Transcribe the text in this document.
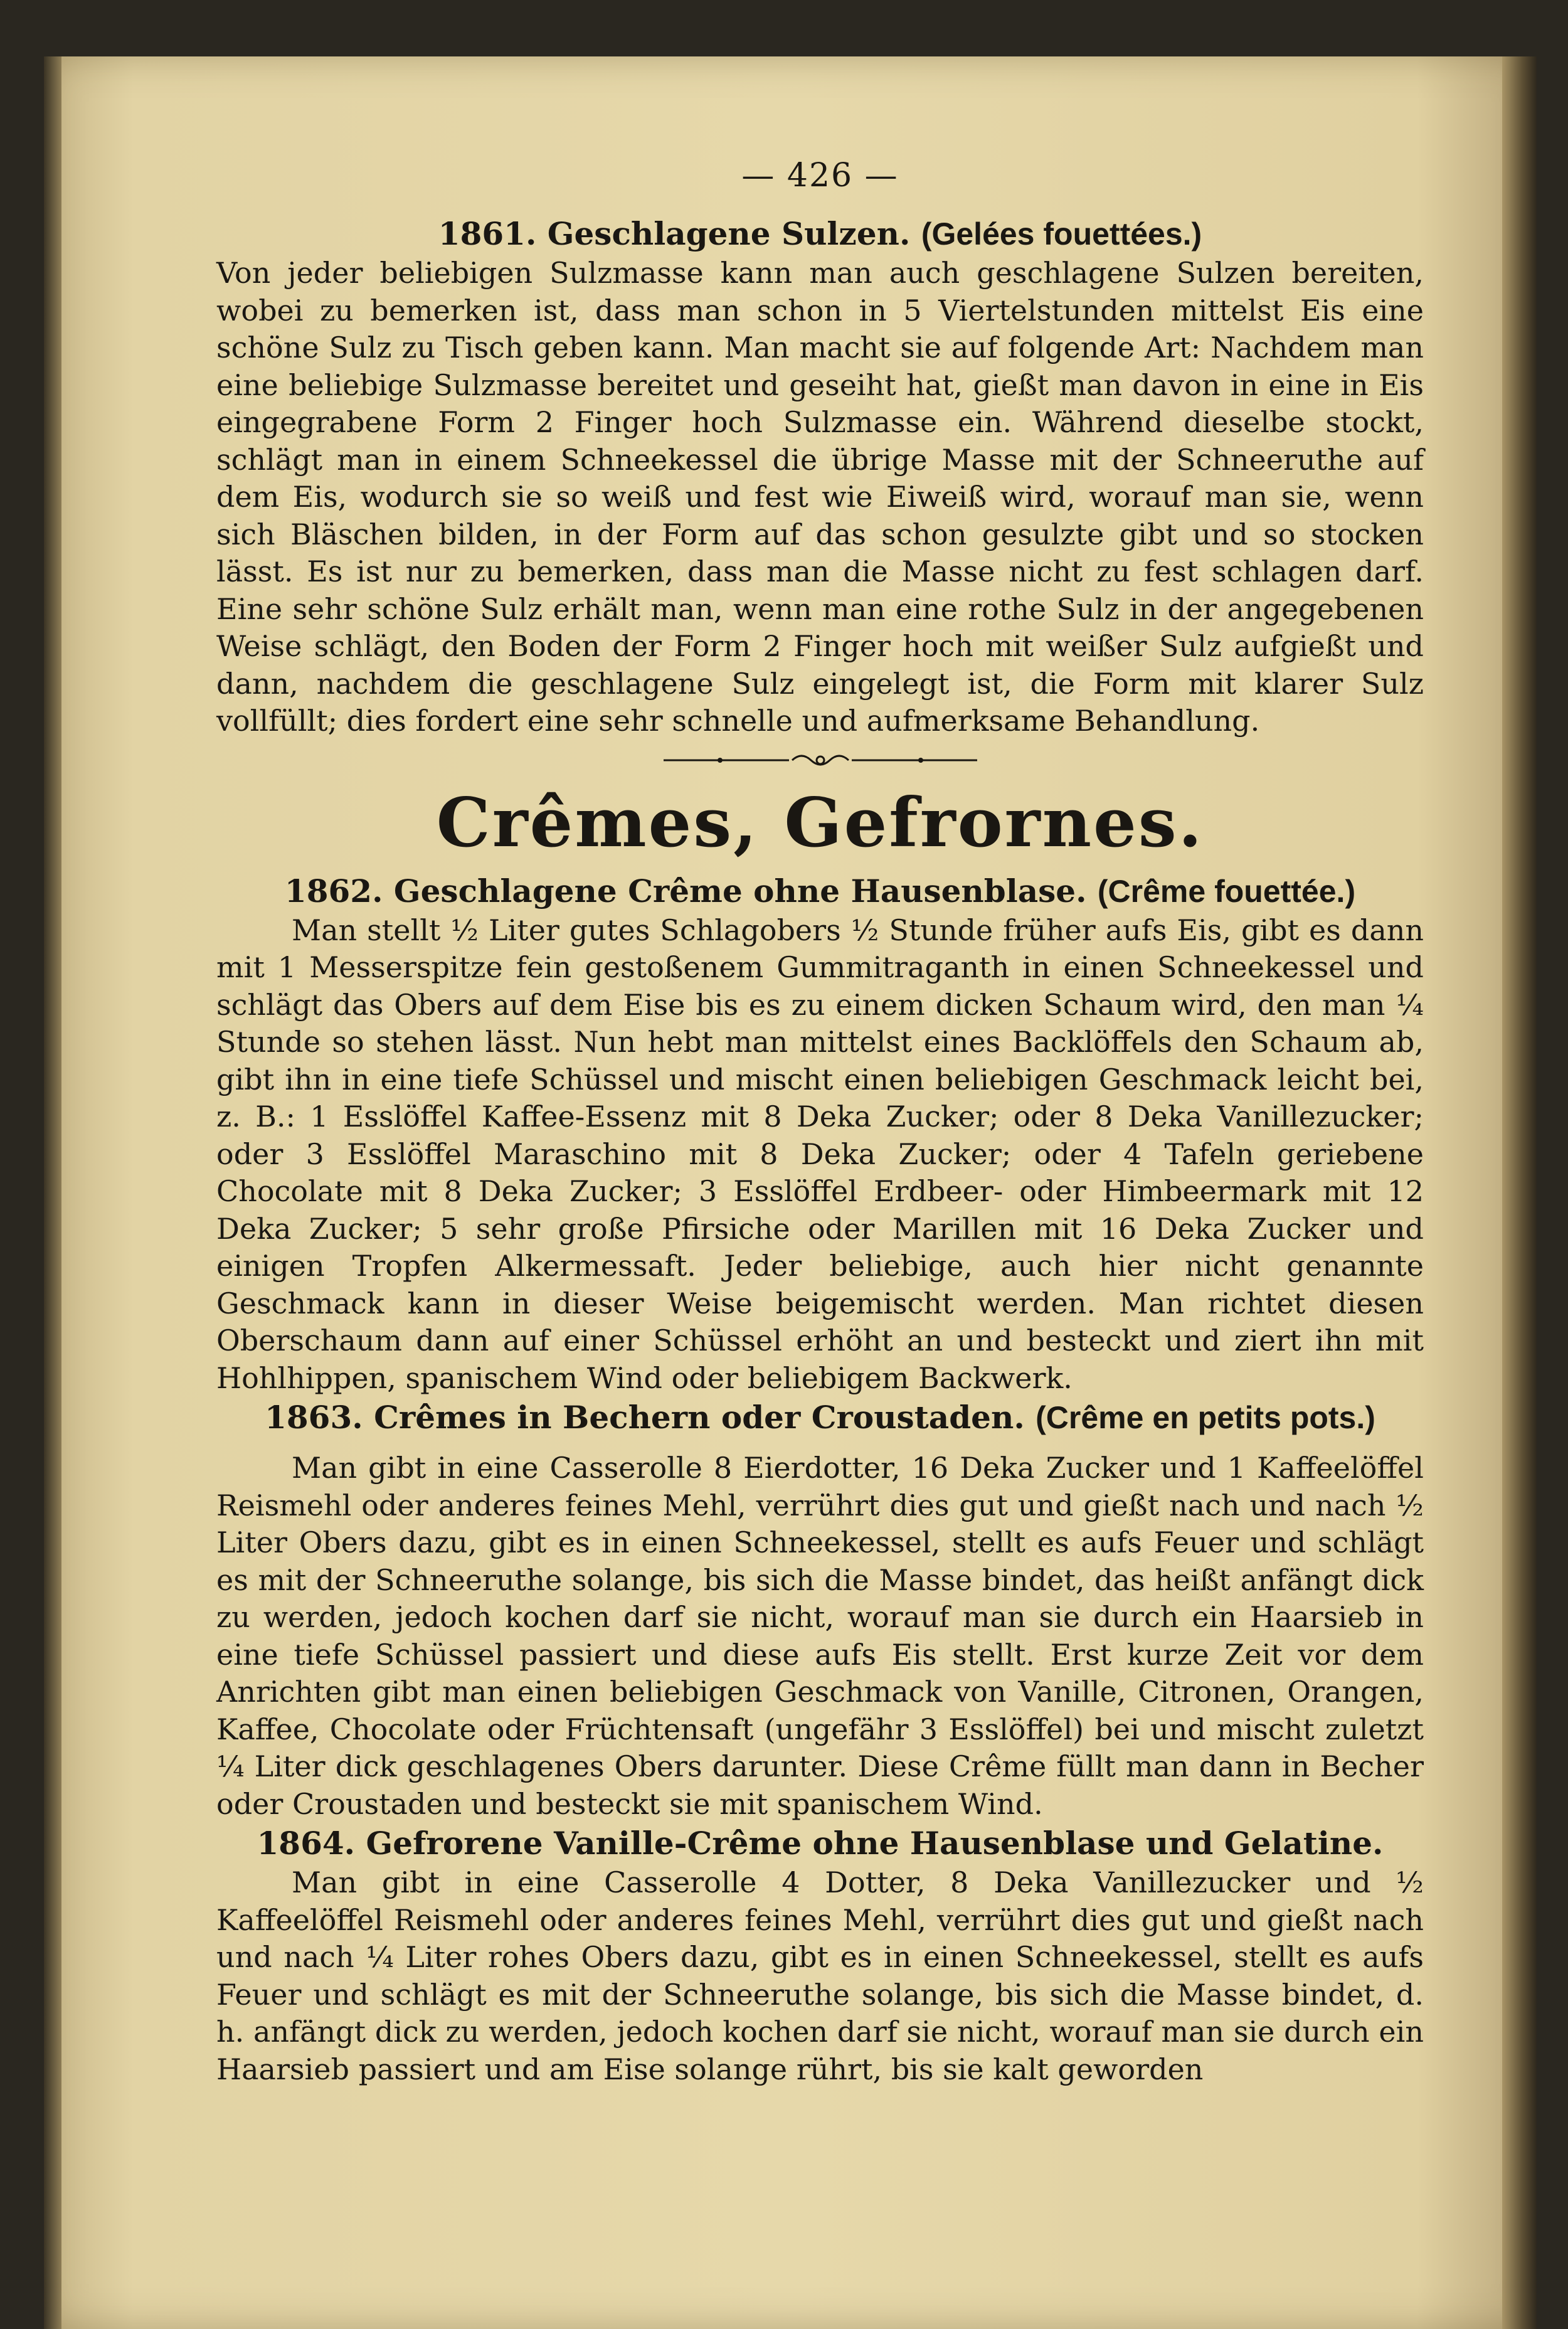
— 426 —
1861. Geschlagene Sulzen. (Gelées fouettées.)

Von jeder beliebigen Sulzmasse kann man auch geschlagene Sulzen bereiten, wobei zu bemerken ist, dass man schon in 5 Viertelstunden mittelst Eis eine schöne Sulz zu Tisch geben kann. Man macht sie auf folgende Art: Nachdem man eine beliebige Sulzmasse bereitet und geseiht hat, gießt man davon in eine in Eis eingegrabene Form 2 Finger hoch Sulzmasse ein. Während dieselbe stockt, schlägt man in einem Schneekessel die übrige Masse mit der Schneeruthe auf dem Eis, wodurch sie so weiß und fest wie Eiweiß wird, worauf man sie, wenn sich Bläschen bilden, in der Form auf das schon gesulzte gibt und so stocken lässt. Es ist nur zu bemerken, dass man die Masse nicht zu fest schlagen darf. Eine sehr schöne Sulz erhält man, wenn man eine rothe Sulz in der angegebenen Weise schlägt, den Boden der Form 2 Finger hoch mit weißer Sulz aufgießt und dann, nachdem die geschlagene Sulz eingelegt ist, die Form mit klarer Sulz vollfüllt; dies fordert eine sehr schnelle und aufmerksame Behandlung.

Crêmes, Gefrornes.
1862. Geschlagene Crême ohne Hausenblase. (Crême fouettée.)

Man stellt ½ Liter gutes Schlagobers ½ Stunde früher aufs Eis, gibt es dann mit 1 Messerspitze fein gestoßenem Gummitraganth in einen Schneekessel und schlägt das Obers auf dem Eise bis es zu einem dicken Schaum wird, den man ¼ Stunde so stehen lässt. Nun hebt man mittelst eines Backlöffels den Schaum ab, gibt ihn in eine tiefe Schüssel und mischt einen beliebigen Geschmack leicht bei, z. B.: 1 Esslöffel Kaffee-Essenz mit 8 Deka Zucker; oder 8 Deka Vanillezucker; oder 3 Esslöffel Maraschino mit 8 Deka Zucker; oder 4 Tafeln geriebene Chocolate mit 8 Deka Zucker; 3 Esslöffel Erdbeer- oder Himbeermark mit 12 Deka Zucker; 5 sehr große Pfirsiche oder Marillen mit 16 Deka Zucker und einigen Tropfen Alkermessaft. Jeder beliebige, auch hier nicht genannte Geschmack kann in dieser Weise beigemischt werden. Man richtet diesen Oberschaum dann auf einer Schüssel erhöht an und besteckt und ziert ihn mit Hohlhippen, spanischem Wind oder beliebigem Backwerk.

1863. Crêmes in Bechern oder Croustaden. (Crême en petits pots.)

Man gibt in eine Casserolle 8 Eierdotter, 16 Deka Zucker und 1 Kaffeelöffel Reismehl oder anderes feines Mehl, verrührt dies gut und gießt nach und nach ½ Liter Obers dazu, gibt es in einen Schneekessel, stellt es aufs Feuer und schlägt es mit der Schneeruthe solange, bis sich die Masse bindet, das heißt anfängt dick zu werden, jedoch kochen darf sie nicht, worauf man sie durch ein Haarsieb in eine tiefe Schüssel passiert und diese aufs Eis stellt. Erst kurze Zeit vor dem Anrichten gibt man einen beliebigen Geschmack von Vanille, Citronen, Orangen, Kaffee, Chocolate oder Früchtensaft (ungefähr 3 Esslöffel) bei und mischt zuletzt ¼ Liter dick geschlagenes Obers darunter. Diese Crême füllt man dann in Becher oder Croustaden und besteckt sie mit spanischem Wind.

1864. Gefrorene Vanille-Crême ohne Hausenblase und Gelatine.

Man gibt in eine Casserolle 4 Dotter, 8 Deka Vanillezucker und ½ Kaffeelöffel Reismehl oder anderes feines Mehl, verrührt dies gut und gießt nach und nach ¼ Liter rohes Obers dazu, gibt es in einen Schneekessel, stellt es aufs Feuer und schlägt es mit der Schneeruthe solange, bis sich die Masse bindet, d. h. anfängt dick zu werden, jedoch kochen darf sie nicht, worauf man sie durch ein Haarsieb passiert und am Eise solange rührt, bis sie kalt geworden
